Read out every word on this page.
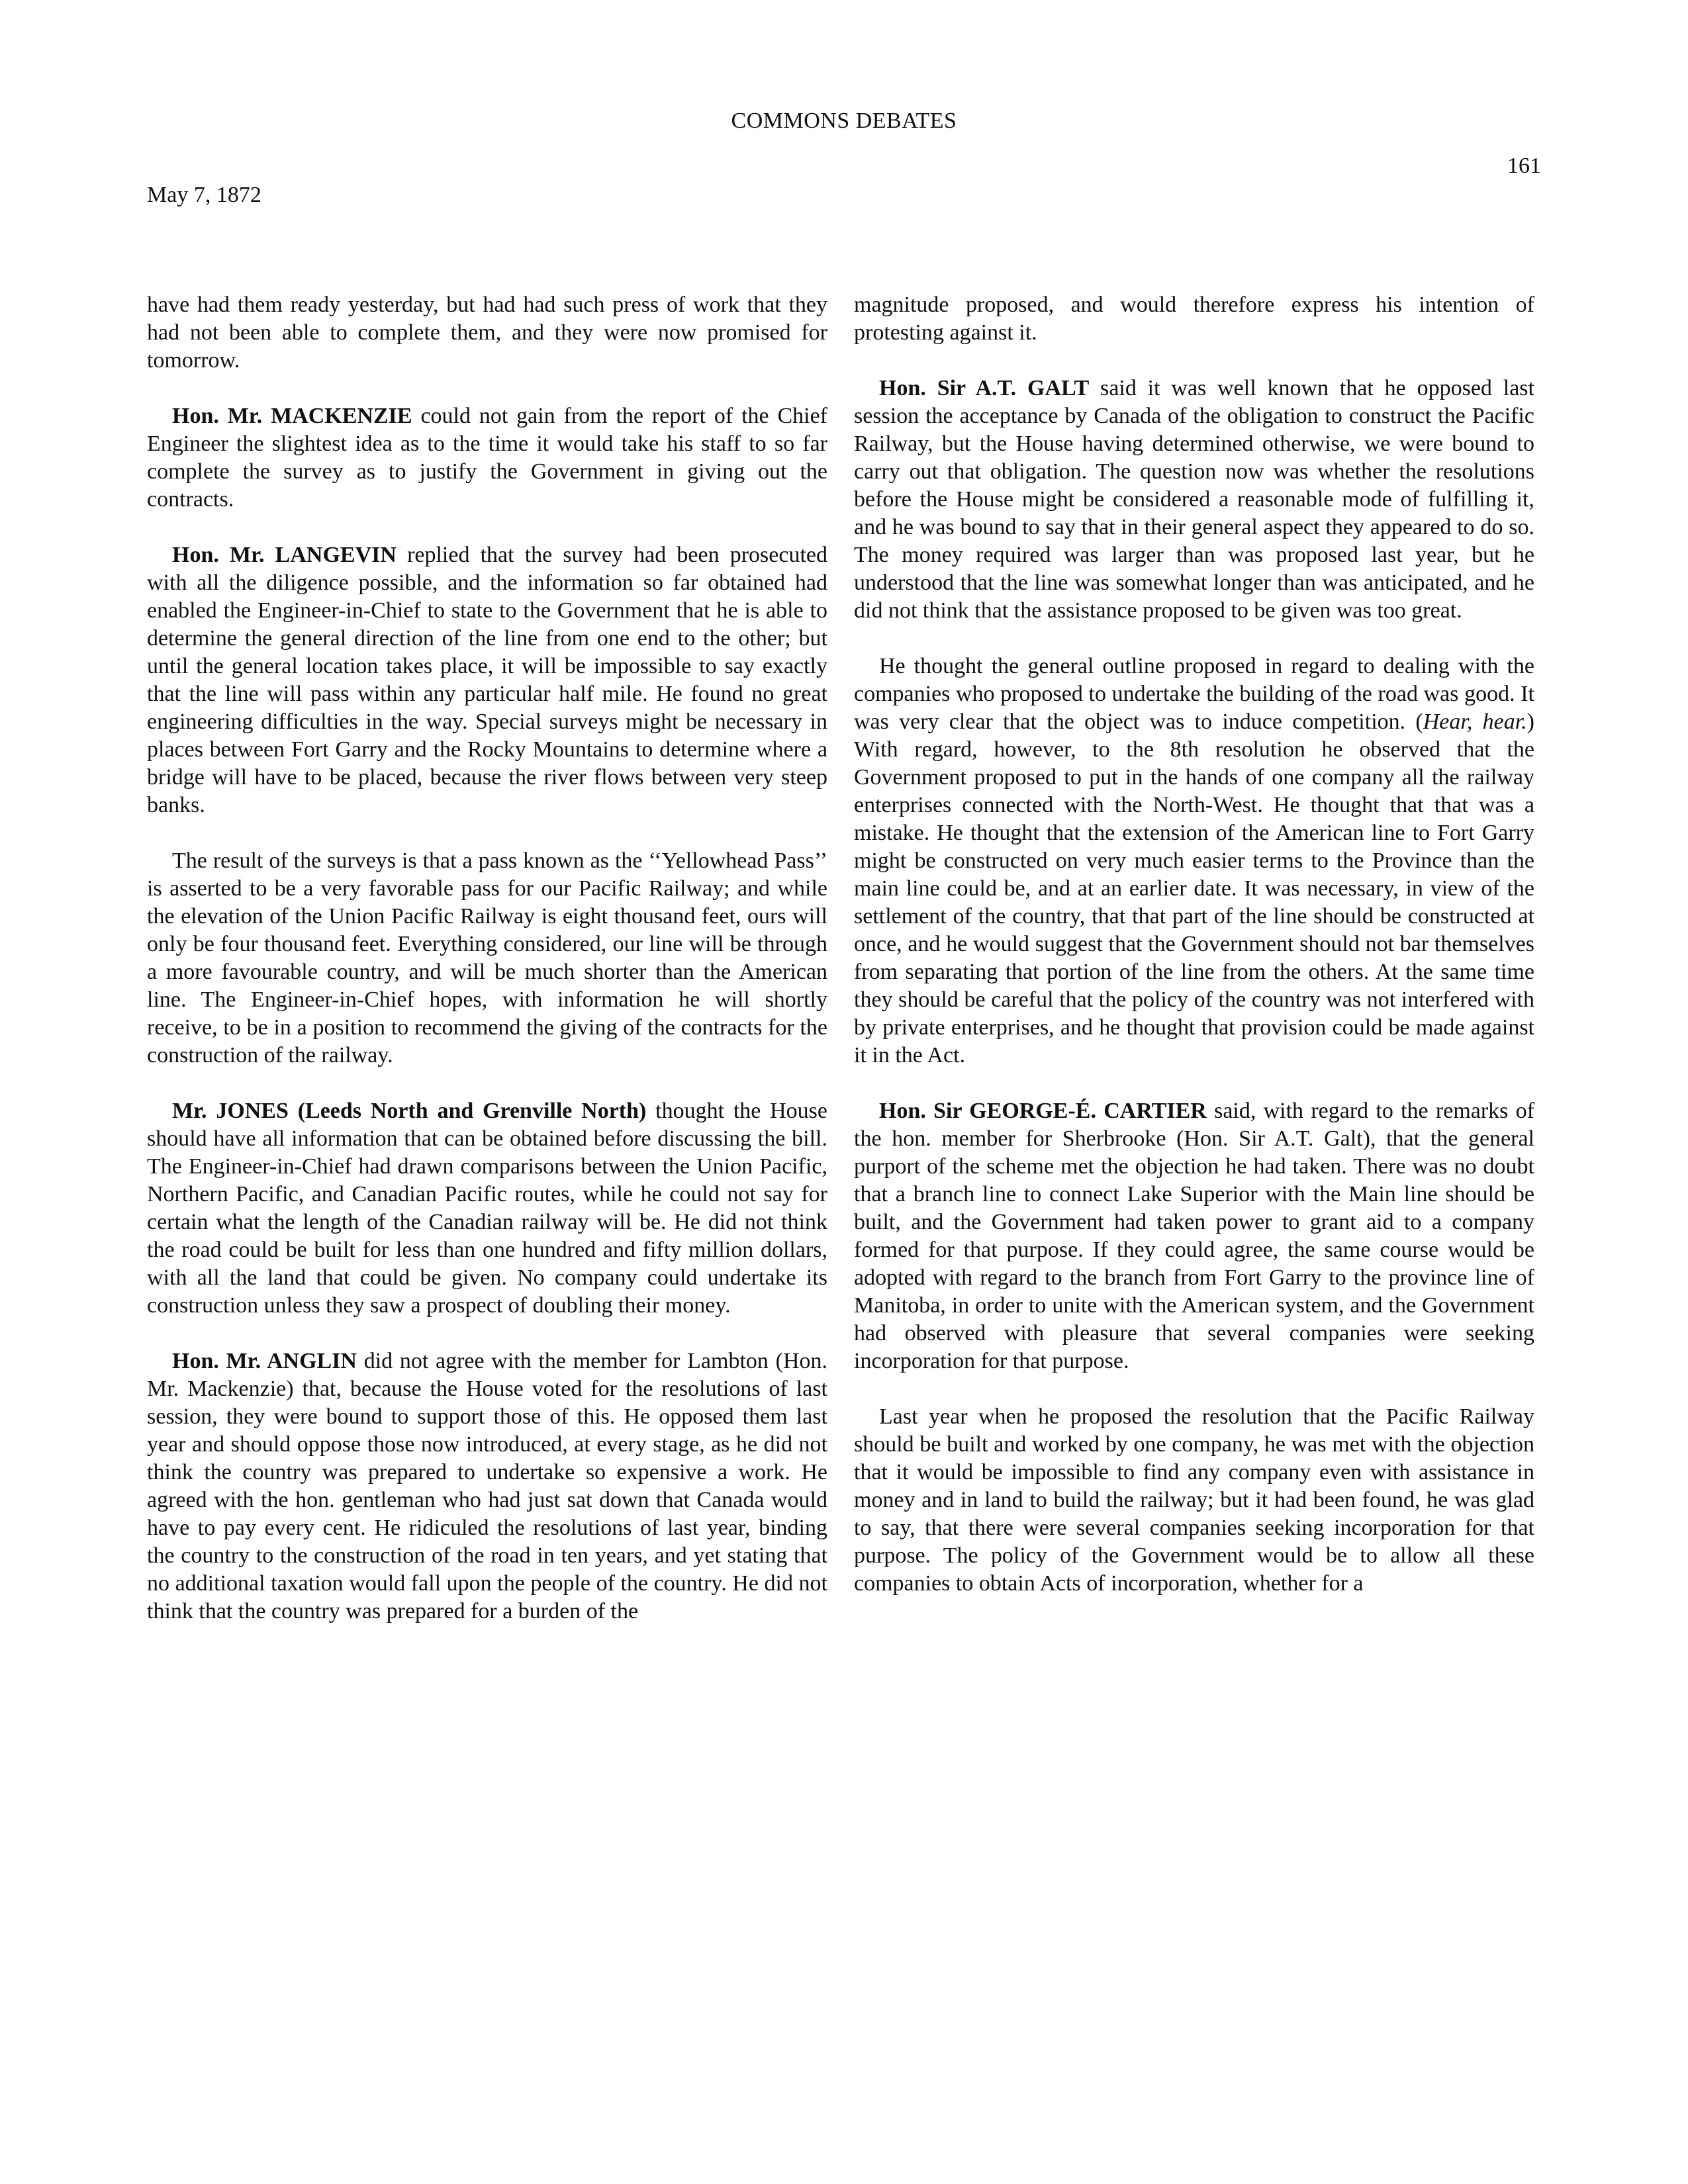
COMMONS DEBATES
161
May 7, 1872

have had them ready yesterday, but had had such press of work that they had not been able to complete them, and they were now promised for tomorrow.

Hon. Mr. MACKENZIE could not gain from the report of the Chief Engineer the slightest idea as to the time it would take his staff to so far complete the survey as to justify the Government in giving out the contracts.

Hon. Mr. LANGEVIN replied that the survey had been prosecuted with all the diligence possible, and the information so far obtained had enabled the Engineer-in-Chief to state to the Government that he is able to determine the general direction of the line from one end to the other; but until the general location takes place, it will be impossible to say exactly that the line will pass within any particular half mile. He found no great engineering difficulties in the way. Special surveys might be necessary in places between Fort Garry and the Rocky Mountains to determine where a bridge will have to be placed, because the river flows between very steep banks.

The result of the surveys is that a pass known as the ‘‘Yellowhead Pass’’ is asserted to be a very favorable pass for our Pacific Railway; and while the elevation of the Union Pacific Railway is eight thousand feet, ours will only be four thousand feet. Everything considered, our line will be through a more favourable country, and will be much shorter than the American line. The Engineer-in-Chief hopes, with information he will shortly receive, to be in a position to recommend the giving of the contracts for the construction of the railway.

Mr. JONES (Leeds North and Grenville North) thought the House should have all information that can be obtained before discussing the bill. The Engineer-in-Chief had drawn comparisons between the Union Pacific, Northern Pacific, and Canadian Pacific routes, while he could not say for certain what the length of the Canadian railway will be. He did not think the road could be built for less than one hundred and fifty million dollars, with all the land that could be given. No company could undertake its construction unless they saw a prospect of doubling their money.

Hon. Mr. ANGLIN did not agree with the member for Lambton (Hon. Mr. Mackenzie) that, because the House voted for the resolutions of last session, they were bound to support those of this. He opposed them last year and should oppose those now introduced, at every stage, as he did not think the country was prepared to undertake so expensive a work. He agreed with the hon. gentleman who had just sat down that Canada would have to pay every cent. He ridiculed the resolutions of last year, binding the country to the construction of the road in ten years, and yet stating that no additional taxation would fall upon the people of the country. He did not think that the country was prepared for a burden of the

magnitude proposed, and would therefore express his intention of protesting against it.

Hon. Sir A.T. GALT said it was well known that he opposed last session the acceptance by Canada of the obligation to construct the Pacific Railway, but the House having determined otherwise, we were bound to carry out that obligation. The question now was whether the resolutions before the House might be considered a reasonable mode of fulfilling it, and he was bound to say that in their general aspect they appeared to do so. The money required was larger than was proposed last year, but he understood that the line was somewhat longer than was anticipated, and he did not think that the assistance proposed to be given was too great.

He thought the general outline proposed in regard to dealing with the companies who proposed to undertake the building of the road was good. It was very clear that the object was to induce competition. (Hear, hear.) With regard, however, to the 8th resolution he observed that the Government proposed to put in the hands of one company all the railway enterprises connected with the North-West. He thought that that was a mistake. He thought that the extension of the American line to Fort Garry might be constructed on very much easier terms to the Province than the main line could be, and at an earlier date. It was necessary, in view of the settlement of the country, that that part of the line should be constructed at once, and he would suggest that the Government should not bar themselves from separating that portion of the line from the others. At the same time they should be careful that the policy of the country was not interfered with by private enterprises, and he thought that provision could be made against it in the Act.

Hon. Sir GEORGE-É. CARTIER said, with regard to the remarks of the hon. member for Sherbrooke (Hon. Sir A.T. Galt), that the general purport of the scheme met the objection he had taken. There was no doubt that a branch line to connect Lake Superior with the Main line should be built, and the Government had taken power to grant aid to a company formed for that purpose. If they could agree, the same course would be adopted with regard to the branch from Fort Garry to the province line of Manitoba, in order to unite with the American system, and the Government had observed with pleasure that several companies were seeking incorporation for that purpose.

Last year when he proposed the resolution that the Pacific Railway should be built and worked by one company, he was met with the objection that it would be impossible to find any company even with assistance in money and in land to build the railway; but it had been found, he was glad to say, that there were several companies seeking incorporation for that purpose. The policy of the Government would be to allow all these companies to obtain Acts of incorporation, whether for a
